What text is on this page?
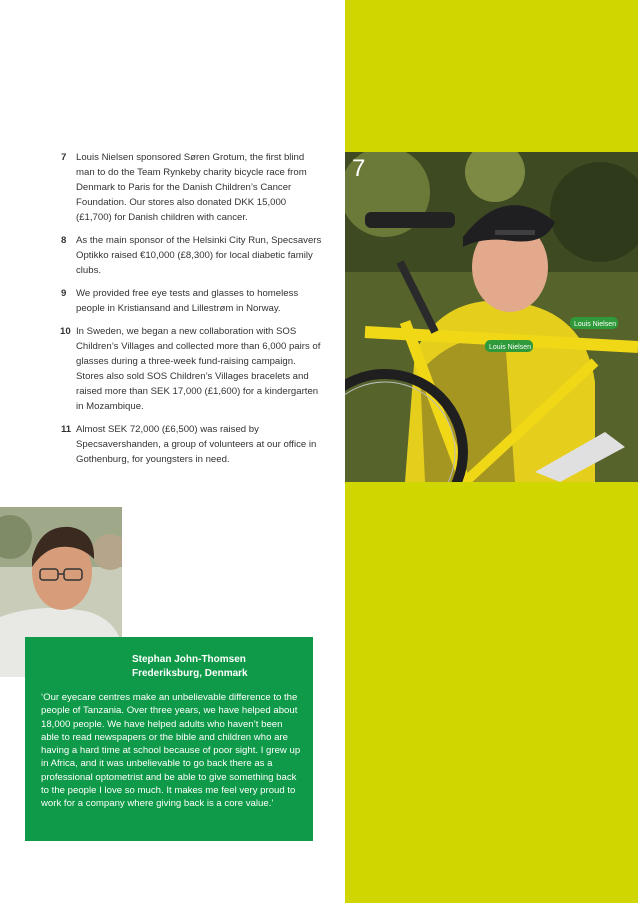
Louis Nielsen
Louis Nielsen
7
7 Louis Nielsen sponsored Søren Grotum, the first blind man to do the Team Rynkeby charity bicycle race from Denmark to Paris for the Danish Children’s Cancer Foundation. Our stores also donated DKK 15,000 (£1,700) for Danish children with cancer.
8 As the main sponsor of the Helsinki City Run, Specsavers Optikko raised €10,000 (£8,300) for local diabetic family clubs.
9 We provided free eye tests and glasses to homeless people in Kristiansand and Lillestrøm in Norway.
10 In Sweden, we began a new collaboration with SOS Children’s Villages and collected more than 6,000 pairs of glasses during a three-week fund-raising campaign. Stores also sold SOS Children’s Villages bracelets and raised more than SEK 17,000 (£1,600) for a kindergarten in Mozambique.
11 Almost SEK 72,000 (£6,500) was raised by Specsavershanden, a group of volunteers at our office in Gothenburg, for youngsters in need.
Stephan John-Thomsen
Frederiksburg, Denmark

‘Our eyecare centres make an unbelievable difference to the people of Tanzania. Over three years, we have helped about 18,000 people. We have helped adults who haven’t been able to read newspapers or the bible and children who are having a hard time at school because of poor sight. I grew up in Africa, and it was unbelievable to go back there as a professional optometrist and be able to give something back to the people I love so much. It makes me feel very proud to work for a company where giving back is a core value.’
